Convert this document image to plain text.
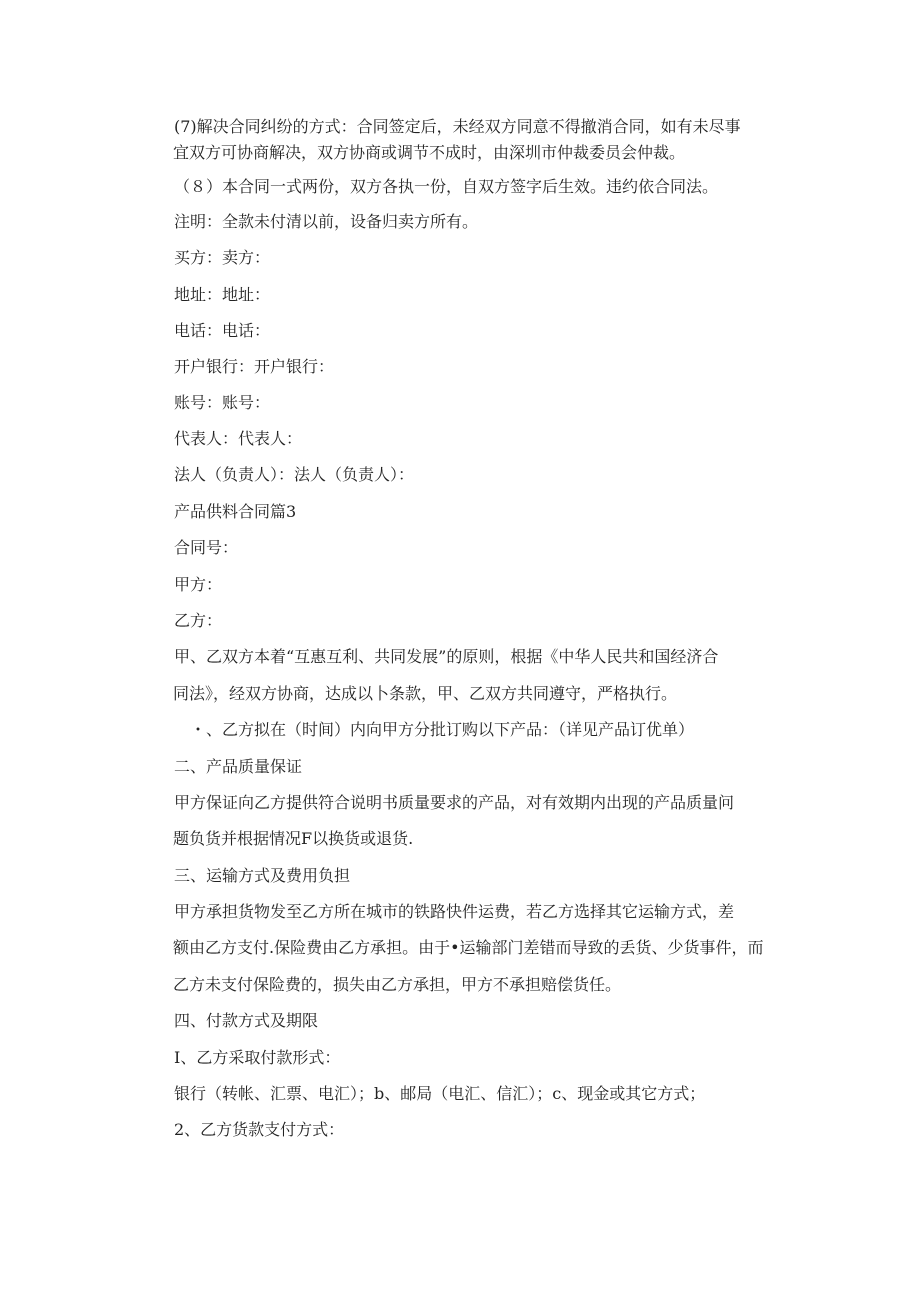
(7)解决合同纠纷的方式：合同签定后，未经双方同意不得撤消合同，如有未尽事

宜双方可协商解决，双方协商或调节不成时，由深圳市仲裁委员会仲裁。

（８）本合同一式两份，双方各执一份，自双方签字后生效。违约依合同法。

注明：全款未付清以前，设备归卖方所有。

买方：卖方：

地址：地址：

电话：电话：

开户银行：开户银行：

账号：账号：

代表人：代表人：

法人（负责人）：法人（负责人）：

产品供料合同篇3

合同号：

甲方：

乙方：

甲、乙双方本着“互惠互利、共同发展”的原则，根据《中华人民共和国经济合

同法》，经双方协商，达成以卜条款，甲、乙双方共同遵守，严格执行。

・、乙方拟在（时间）内向甲方分批订购以下产品：（详见产品订优单）

二、产品质量保证

甲方保证向乙方提供符合说明书质量要求的产品，对有效期内出现的产品质量问

题负货并根据情况F以换货或退货.

三、运输方式及费用负担

甲方承担货物发至乙方所在城市的铁路快件运费，若乙方选择其它运输方式，差

额由乙方支付.保险费由乙方承担。由于•运输部门差错而导致的丢货、少货事件，而

乙方未支付保险费的，损失由乙方承担，甲方不承担赔偿货任。

四、付款方式及期限

I、乙方采取付款形式：

银行（转帐、汇票、电汇）；b、邮局（电汇、信汇）；c、现金或其它方式；

2、乙方货款支付方式：
